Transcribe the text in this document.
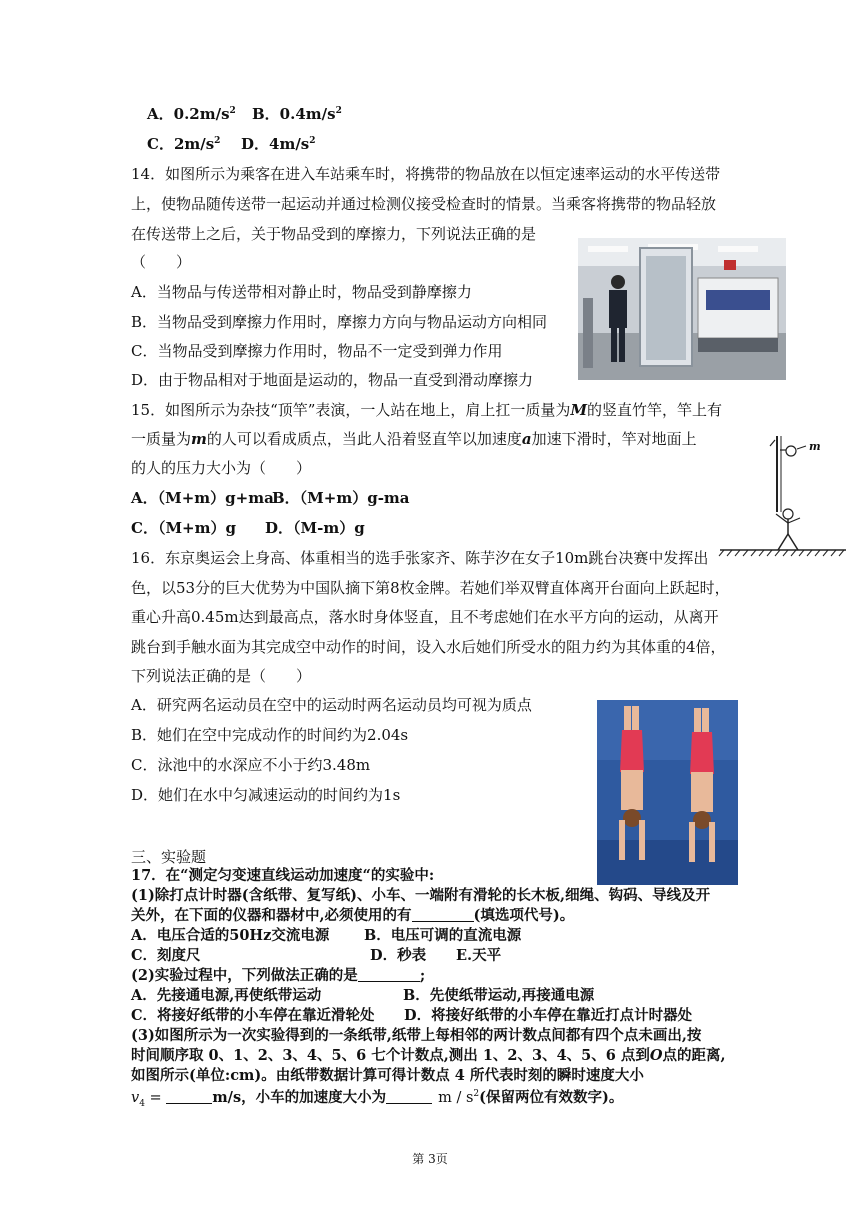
A．$0.2m/s^2$ B．$0.4m/s^2$
C．$2m/s^2$ D．$4m/s^2$
14．如图所示为乘客在进入车站乘车时，将携带的物品放在以恒定速率运动的水平传送带
上，使物品随传送带一起运动并通过检测仪接受检查时的情景。当乘客将携带的物品轻放
在传送带上之后，关于物品受到的摩擦力，下列说法正确的是
（　　）
A．当物品与传送带相对静止时，物品受到静摩擦力
B．当物品受到摩擦力作用时，摩擦力方向与物品运动方向相同
C．当物品受到摩擦力作用时，物品不一定受到弹力作用
D．由于物品相对于地面是运动的，物品一直受到滑动摩擦力
15．如图所示为杂技“顶竿”表演，一人站在地上，肩上扛一质量为M的竖直竹竿，竿上有
一质量为m的人可以看成质点，当此人沿着竖直竿以加速度a加速下滑时，竿对地面上
的人的压力大小为（　　）
A．（M+m）g+ma
B．（M+m）g-ma
C．（M+m）g D．（M-m）g
m
16．东京奥运会上身高、体重相当的选手张家齐、陈芋汐在女子10m跳台决赛中发挥出
色，以53分的巨大优势为中国队摘下第8枚金牌。若她们举双臂直体离开台面向上跃起时，
重心升高0.45m达到最高点，落水时身体竖直，且不考虑她们在水平方向的运动，从离开
跳台到手触水面为其完成空中动作的时间，设入水后她们所受水的阻力约为其体重的4倍，
下列说法正确的是（　　）
A．研究两名运动员在空中的运动时两名运动员均可视为质点
B．她们在空中完成动作的时间约为2.04s
C．泳池中的水深应不小于约3.48m
D．她们在水中匀减速运动的时间约为1s
三、实验题
17．在“测定匀变速直线运动加速度“的实验中:
(1)除打点计时器(含纸带、复写纸)、小车、一端附有滑轮的长木板,细绳、钩码、导线及开
关外，在下面的仪器和器材中,必须使用的有	(填选项代号)。
A．电压合适的50Hz交流电源 B．电压可调的直流电源
C．刻度尺	D．秒表 E.天平
(2)实验过程中，下列做法正确的是	;
A．先接通电源,再使纸带运动	B．先使纸带运动,再接通电源
C．将接好纸带的小车停在靠近滑轮处 D．将接好纸带的小车停在靠近打点计时器处
(3)如图所示为一次实验得到的一条纸带,纸带上每相邻的两计数点间都有四个点未画出,按
时间顺序取 0、1、2、3、4、5、6 七个计数点,测出 1、2、3、4、5、6 点到O点的距离,
如图所示(单位:cm)。由纸带数据计算可得计数点 4 所代表时刻的瞬时速度大小
$v_4$ =	m/s，小车的加速度大小为	m / $s^2$(保留两位有效数字)。
第 3页
